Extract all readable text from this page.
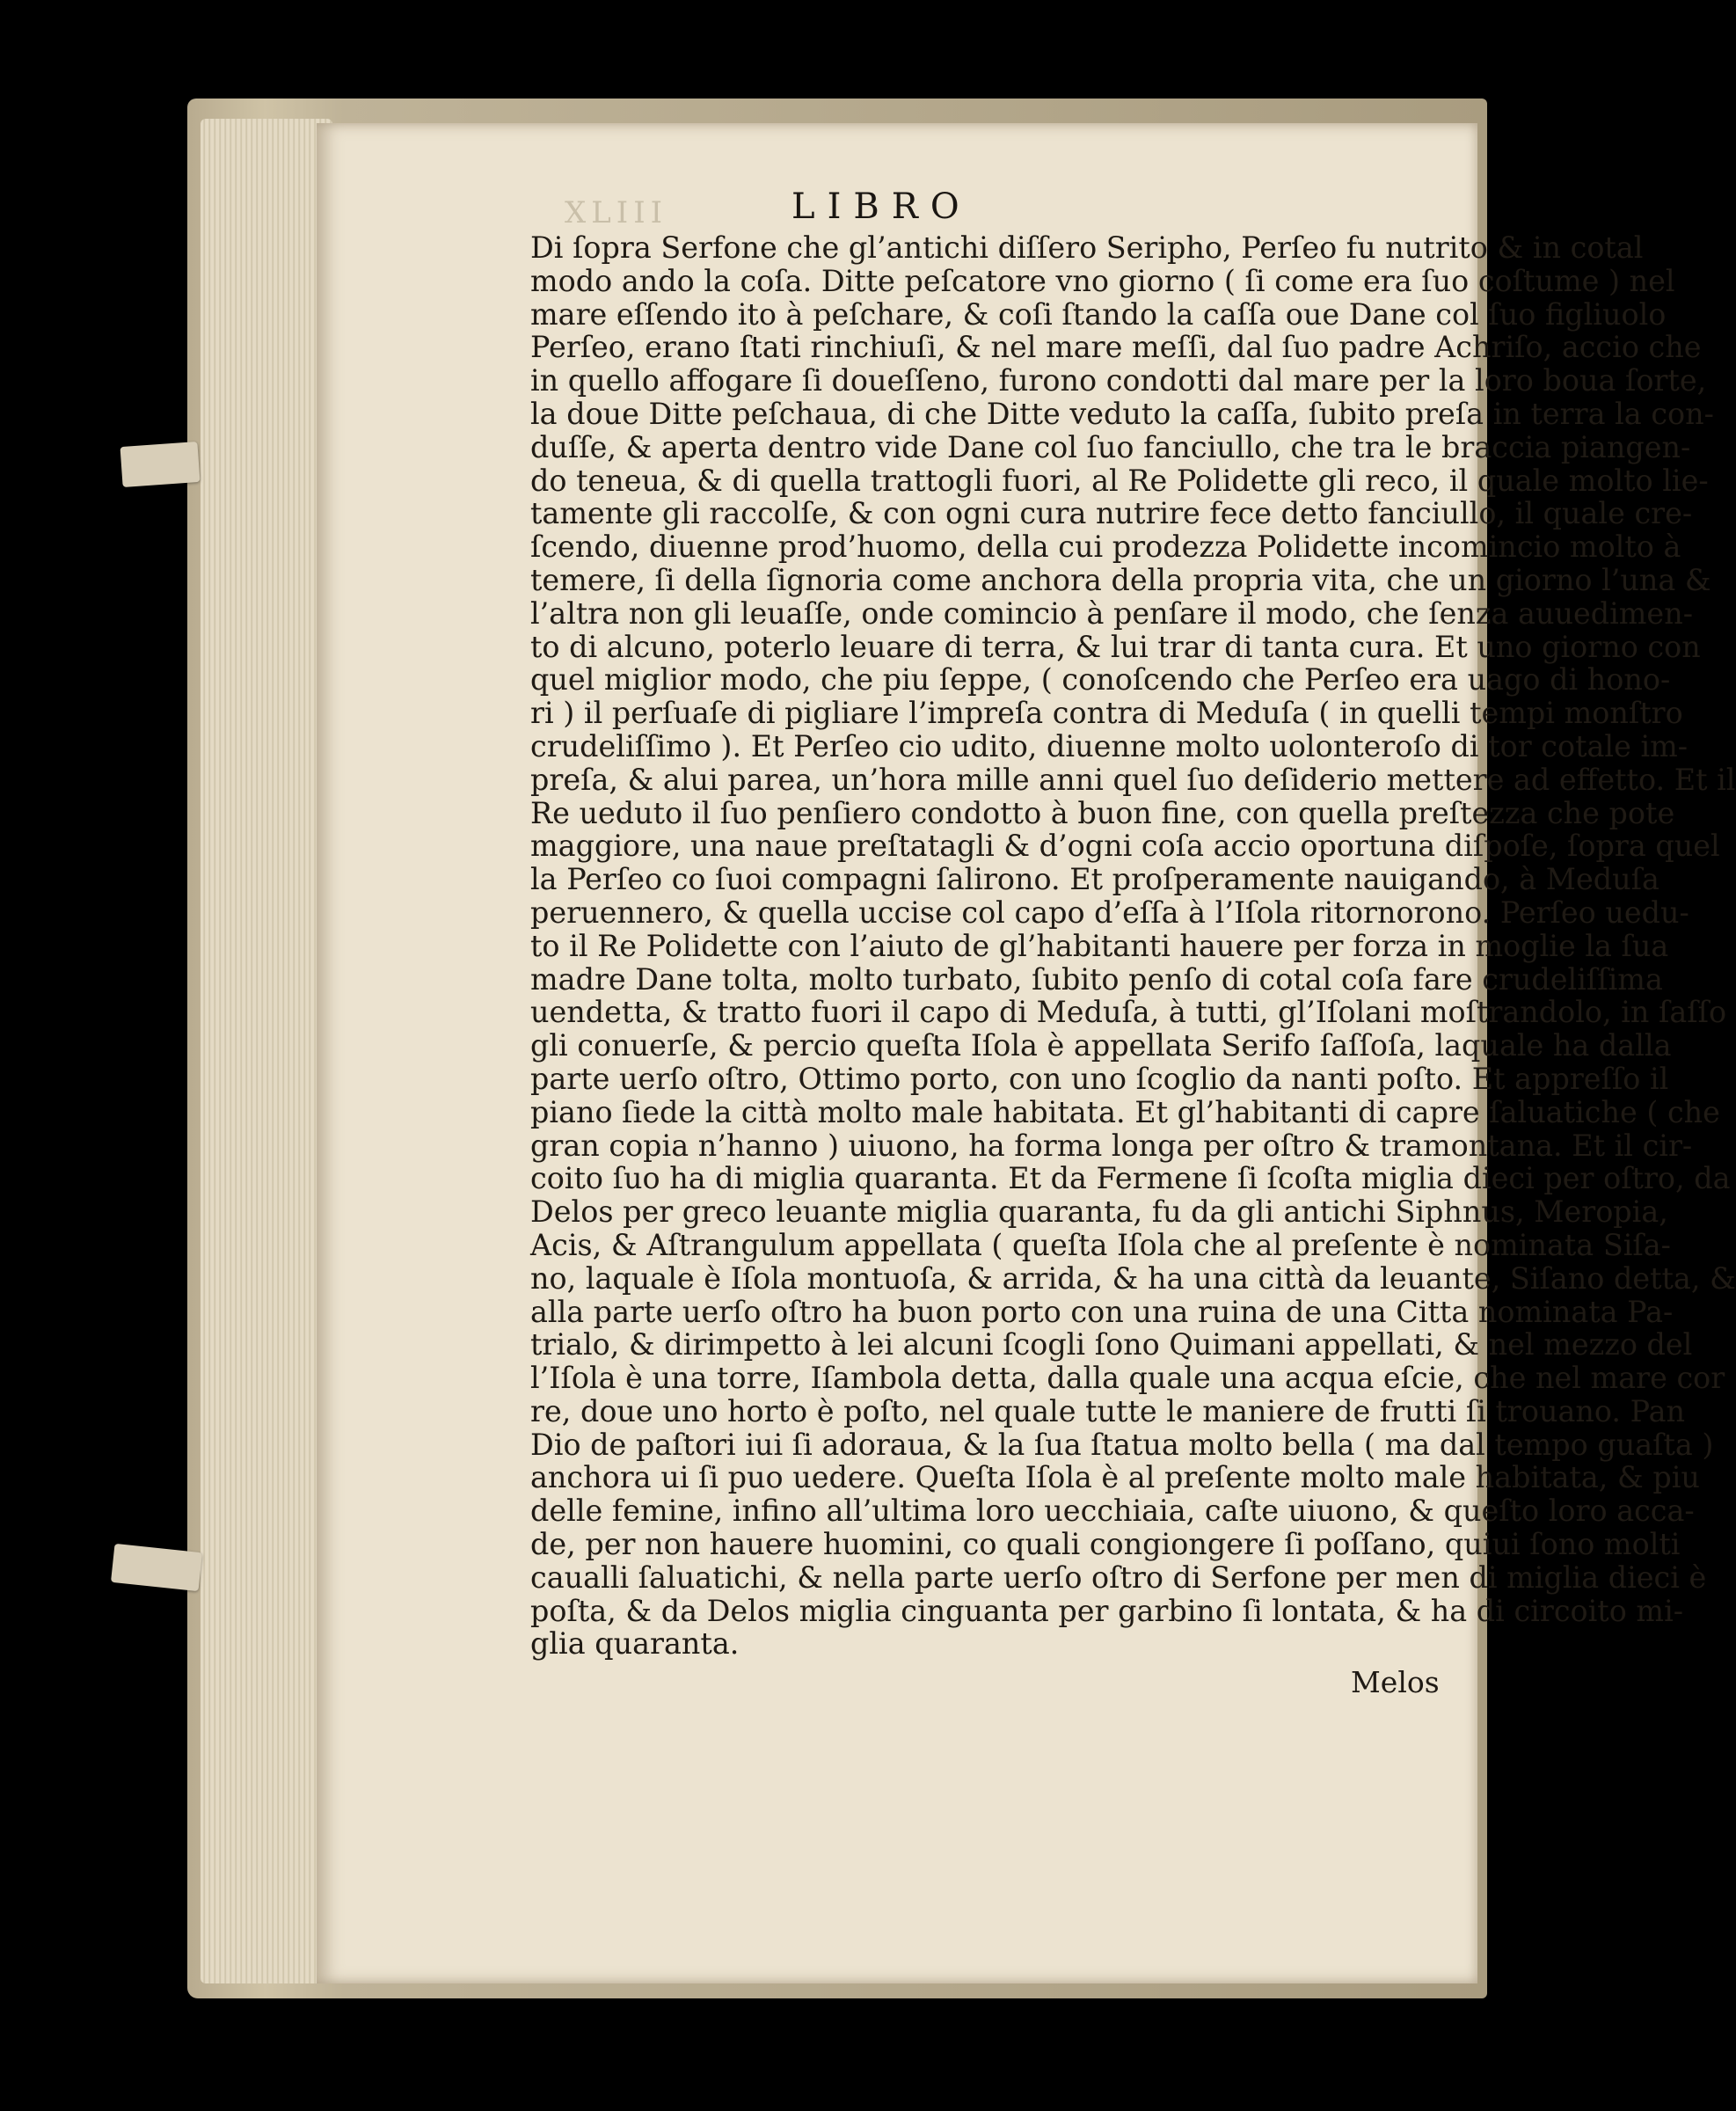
XLIII	LIBRO
Di ſopra Serfone che gl’antichi diſſero Seripho, Perſeo fu nutrito & in cotal
modo ando la coſa. Ditte peſcatore vno giorno ( ſi come era ſuo coſtume ) nel
mare eſſendo ito à peſchare, & coſi ſtando la caſſa oue Dane col ſuo figliuolo
Perſeo, erano ſtati rinchiuſi, & nel mare meſſi, dal ſuo padre Achriſo, accio che
in quello affogare ſi doueſſeno, furono condotti dal mare per la loro boua ſorte,
la doue Ditte peſchaua, di che Ditte veduto la caſſa, ſubito preſa in terra la con-
duſſe, & aperta dentro vide Dane col ſuo fanciullo, che tra le braccia piangen-
do teneua, & di quella trattogli fuori, al Re Polidette gli reco, il quale molto lie-
tamente gli raccolſe, & con ogni cura nutrire fece detto fanciullo, il quale cre-
ſcendo, diuenne prod’huomo, della cui prodezza Polidette incomincio molto à
temere, ſi della ſignoria come anchora della propria vita, che un giorno l’una &
l’altra non gli leuaſſe, onde comincio à penſare il modo, che ſenza auuedimen-
to di alcuno, poterlo leuare di terra, & lui trar di tanta cura. Et uno giorno con
quel miglior modo, che piu ſeppe, ( conoſcendo che Perſeo era uago di hono-
ri ) il perſuaſe di pigliare l’impreſa contra di Meduſa ( in quelli tempi monſtro
crudeliſſimo ). Et Perſeo cio udito, diuenne molto uolonteroſo di tor cotale im-
preſa, & alui parea, un’hora mille anni quel ſuo deſiderio mettere ad effetto. Et il
Re ueduto il ſuo penſiero condotto à buon fine, con quella preſtezza che pote
maggiore, una naue preſtatagli & d’ogni coſa accio oportuna diſpoſe, ſopra quel
la Perſeo co ſuoi compagni ſalirono. Et proſperamente nauigando, à Meduſa
peruennero, & quella uccise col capo d’eſſa à l’Iſola ritornorono. Perſeo uedu-
to il Re Polidette con l’aiuto de gl’habitanti hauere per forza in moglie la ſua
madre Dane tolta, molto turbato, ſubito penſo di cotal coſa fare crudeliſſima
uendetta, & tratto fuori il capo di Meduſa, à tutti, gl’Iſolani moſtrandolo, in ſaſſo
gli conuerſe, & percio queſta Iſola è appellata Serifo ſaſſoſa, laquale ha dalla
parte uerſo oſtro, Ottimo porto, con uno ſcoglio da nanti poſto. Et appreſſo il
piano ſiede la città molto male habitata. Et gl’habitanti di capre ſaluatiche ( che
gran copia n’hanno ) uiuono, ha forma longa per oſtro & tramontana. Et il cir-
coito ſuo ha di miglia quaranta. Et da Fermene ſi ſcoſta miglia dieci per oſtro, da
Delos per greco leuante miglia quaranta, fu da gli antichi Siphnus, Meropia,
Acis, & Aſtrangulum appellata ( queſta Iſola che al preſente è nominata Siſa-
no, laquale è Iſola montuoſa, & arrida, & ha una città da leuante, Siſano detta, &
alla parte uerſo oſtro ha buon porto con una ruina de una Citta nominata Pa-
trialo, & dirimpetto à lei alcuni ſcogli ſono Quimani appellati, & nel mezzo del
l’Iſola è una torre, Iſambola detta, dalla quale una acqua eſcie, che nel mare cor
re, doue uno horto è poſto, nel quale tutte le maniere de frutti ſi trouano. Pan
Dio de paſtori iui ſi adoraua, & la ſua ſtatua molto bella ( ma dal tempo guaſta )
anchora ui ſi puo uedere. Queſta Iſola è al preſente molto male habitata, & piu
delle femine, infino all’ultima loro uecchiaia, caſte uiuono, & queſto loro acca-
de, per non hauere huomini, co quali congiongere ſi poſſano, quiui ſono molti
caualli ſaluatichi, & nella parte uerſo oſtro di Serfone per men di miglia dieci è
poſta, & da Delos miglia cinguanta per garbino ſi lontata, & ha di circoito mi-
glia quaranta.
Melos
